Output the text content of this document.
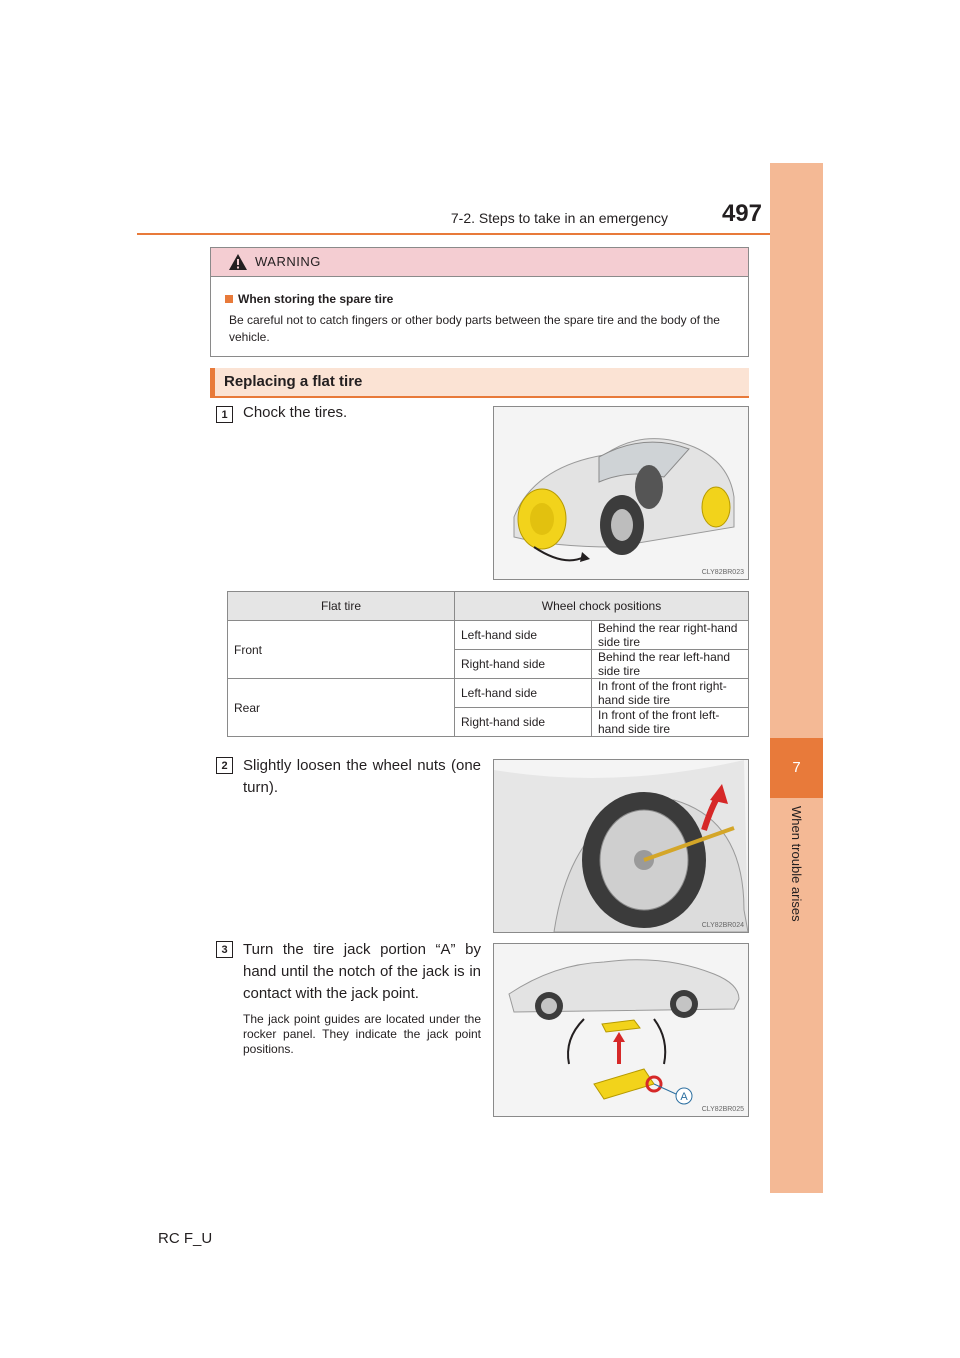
7-2. Steps to take in an emergency	497
7
When trouble arises
WARNING
When storing the spare tire
Be careful not to catch fingers or other body parts between the spare tire and the body of the vehicle.
Replacing a flat tire
1	Chock the tires.
CLY82BR023
Flat tire	Wheel chock positions	
Front	Left-hand side	Behind the rear right-hand side tire
	Right-hand side	Behind the rear left-hand side tire
Rear	Left-hand side	In front of the front right-hand side tire
	Right-hand side	In front of the front left-hand side tire
2	Slightly loosen the wheel nuts (one turn).
CLY82BR024
3	Turn the tire jack portion “A” by hand until the notch of the jack is in contact with the jack point.
The jack point guides are located under the rocker panel. They indicate the jack point positions.
A
CLY82BR025
RC F_U
